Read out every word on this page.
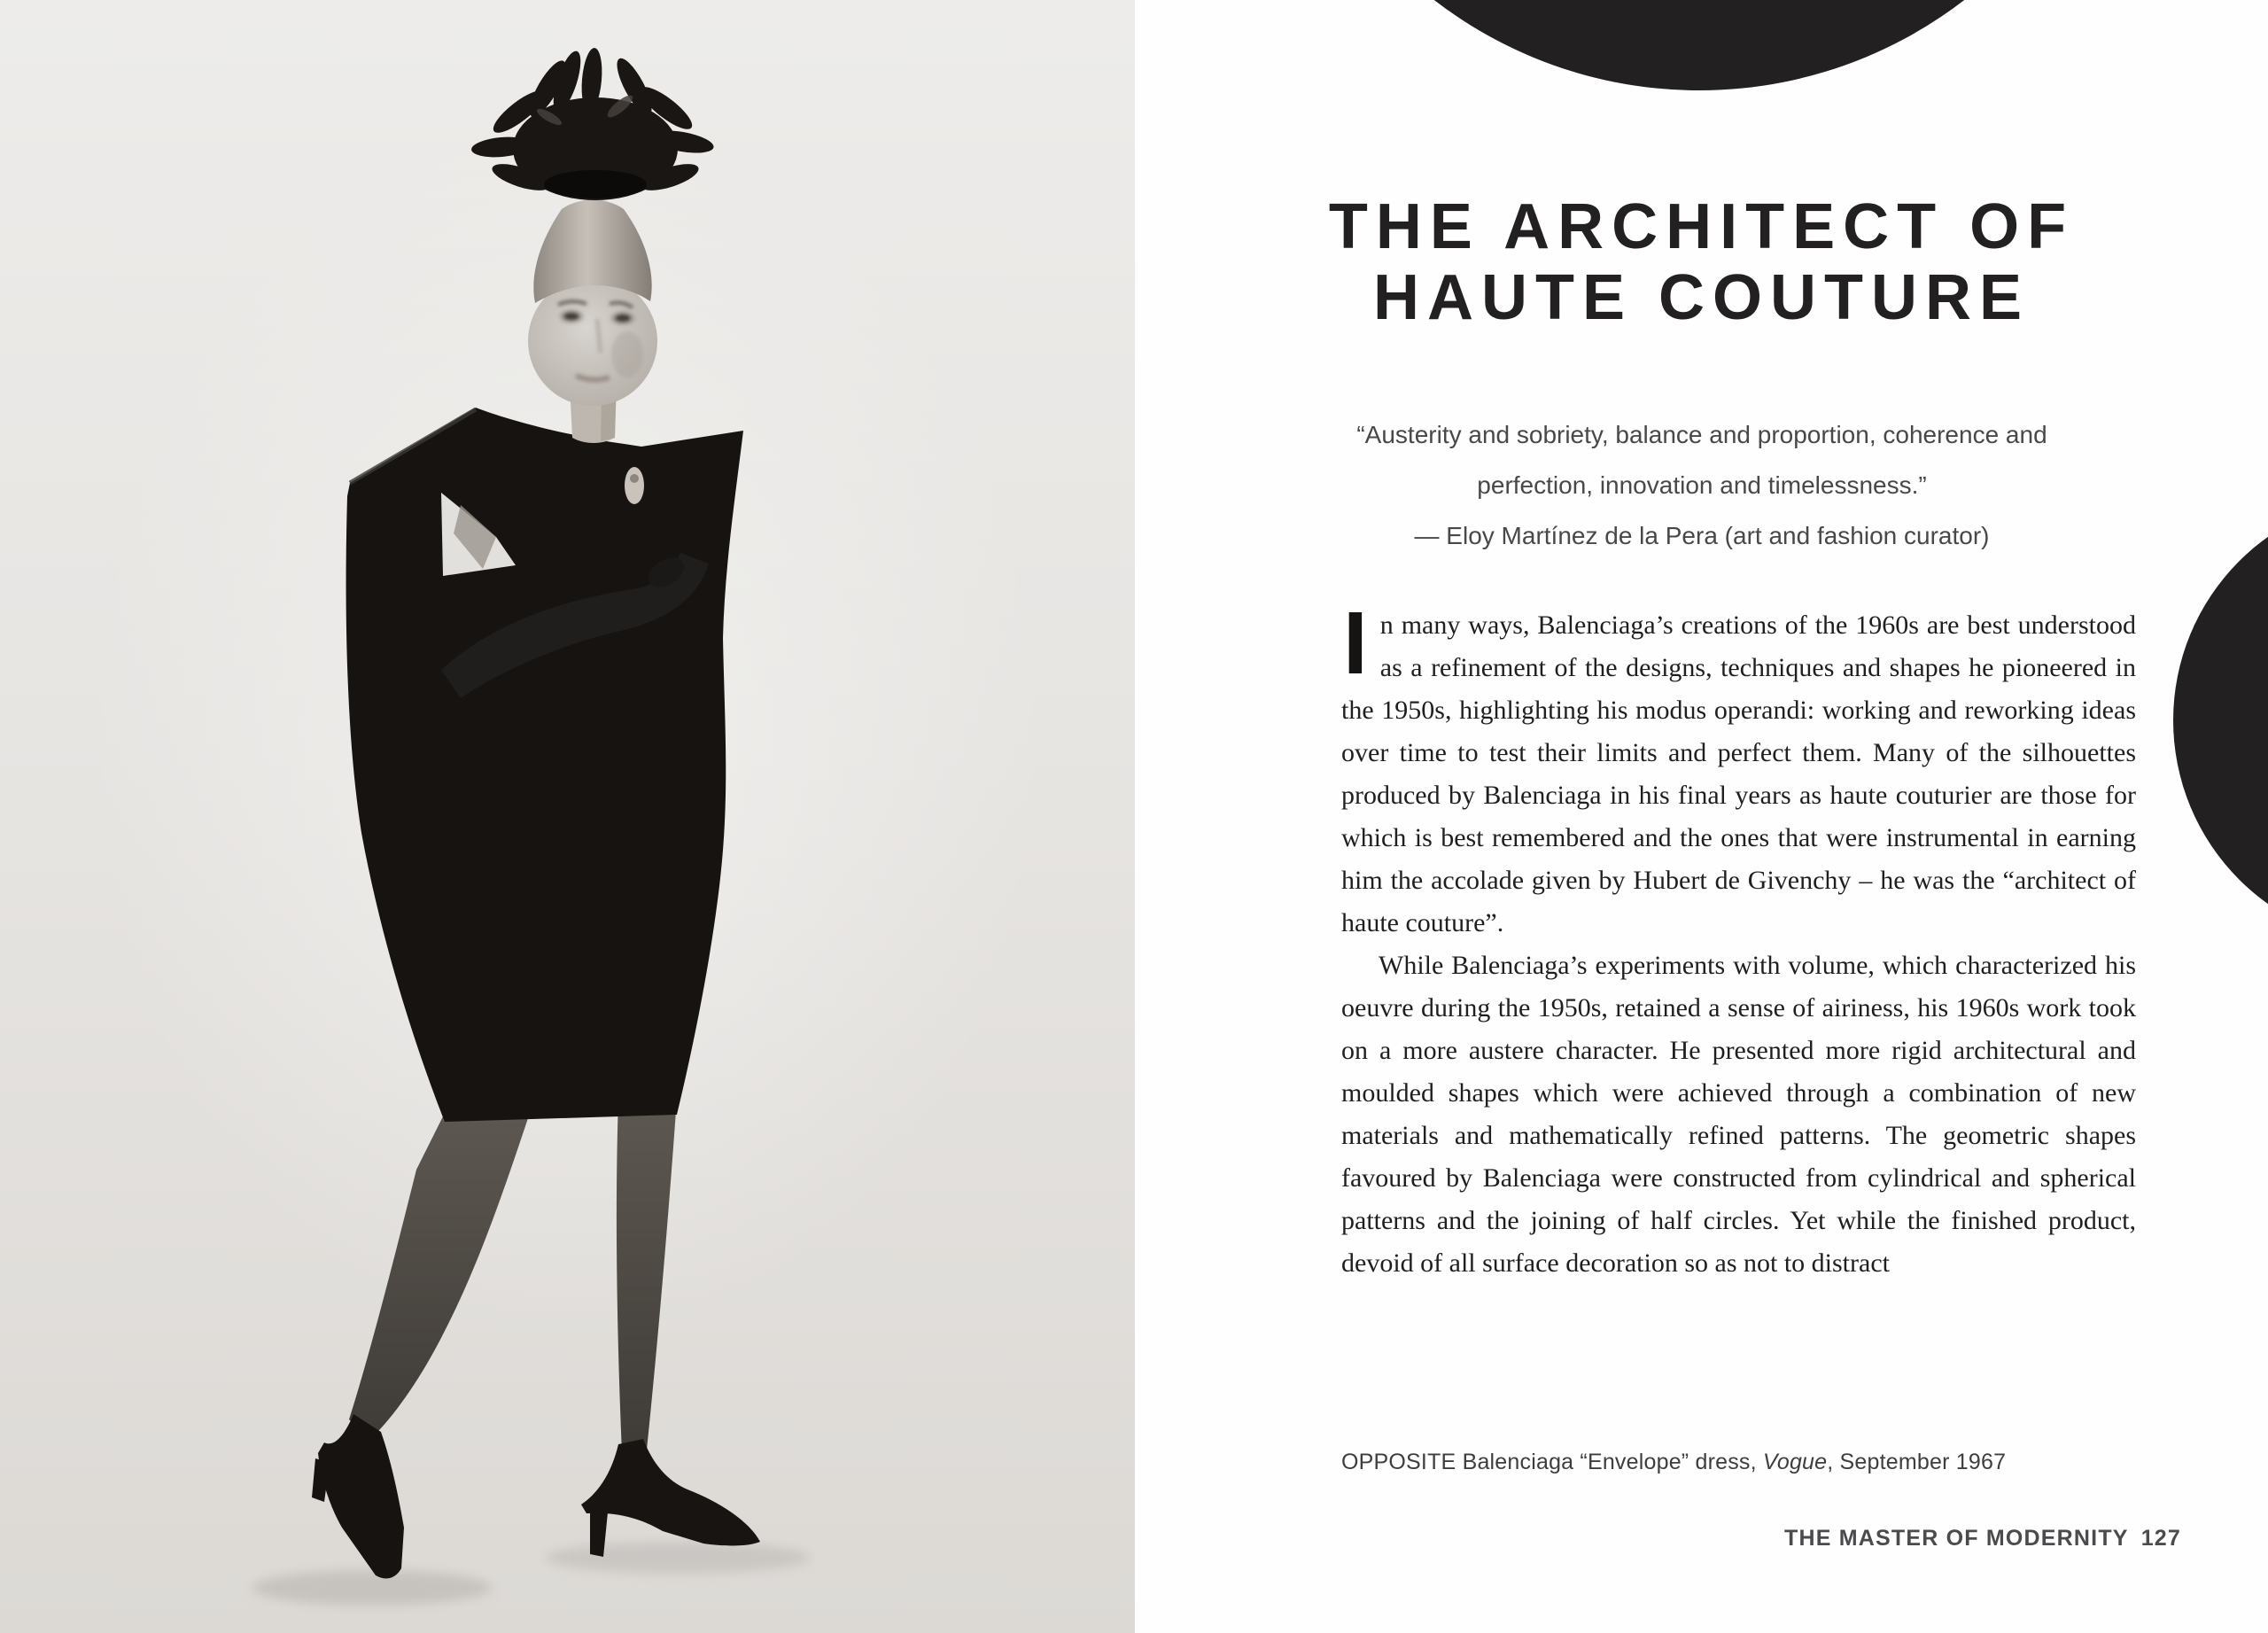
THE ARCHITECT OF
HAUTE COUTURE
“Austerity and sobriety, balance and proportion, coherence and
perfection, innovation and timelessness.”
— Eloy Martínez de la Pera (art and fashion curator)

In many ways, Balenciaga’s creations of the 1960s are best understood as a refinement of the designs, techniques and shapes he pioneered in the 1950s, highlighting his modus operandi: working and reworking ideas over time to test their limits and perfect them. Many of the silhouettes produced by Balenciaga in his final years as haute couturier are those for which is best remembered and the ones that were instrumental in earning him the accolade given by Hubert de Givenchy – he was the “architect of haute couture”.

While Balenciaga’s experiments with volume, which characterized his oeuvre during the 1950s, retained a sense of airiness, his 1960s work took on a more austere character. He presented more rigid architectural and moulded shapes which were achieved through a combination of new materials and mathematically refined patterns. The geometric shapes favoured by Balenciaga were constructed from cylindrical and spherical patterns and the joining of half circles. Yet while the finished product, devoid of all surface decoration so as not to distract

OPPOSITE Balenciaga “Envelope” dress, Vogue, September 1967
THE MASTER OF MODERNITY 127
